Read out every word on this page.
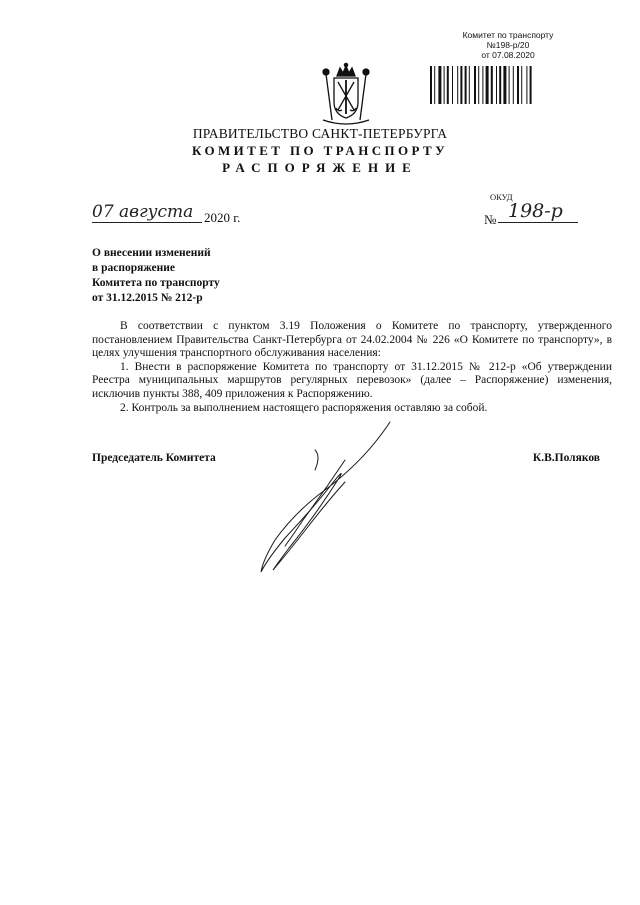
Комитет по транспорту
№198-р/20
от 07.08.2020
ПРАВИТЕЛЬСТВО САНКТ-ПЕТЕРБУРГА
КОМИТЕТ ПО ТРАНСПОРТУ
РАСПОРЯЖЕНИЕ
ОКУД
07 августа 2020 г.	№ 198-р
О внесении изменений
в распоряжение
Комитета по транспорту
от 31.12.2015 № 212-р

В соответствии с пунктом 3.19 Положения о Комитете по транспорту, утвержденного постановлением Правительства Санкт-Петербурга от 24.02.2004 № 226 «О Комитете по транспорту», в целях улучшения транспортного обслуживания населения:

1. Внести в распоряжение Комитета по транспорту от 31.12.2015 № 212-р «Об утверждении Реестра муниципальных маршрутов регулярных перевозок» (далее – Распоряжение) изменения, исключив пункты 388, 409 приложения к Распоряжению.

2. Контроль за выполнением настоящего распоряжения оставляю за собой.

Председатель Комитета	К.В.Поляков
